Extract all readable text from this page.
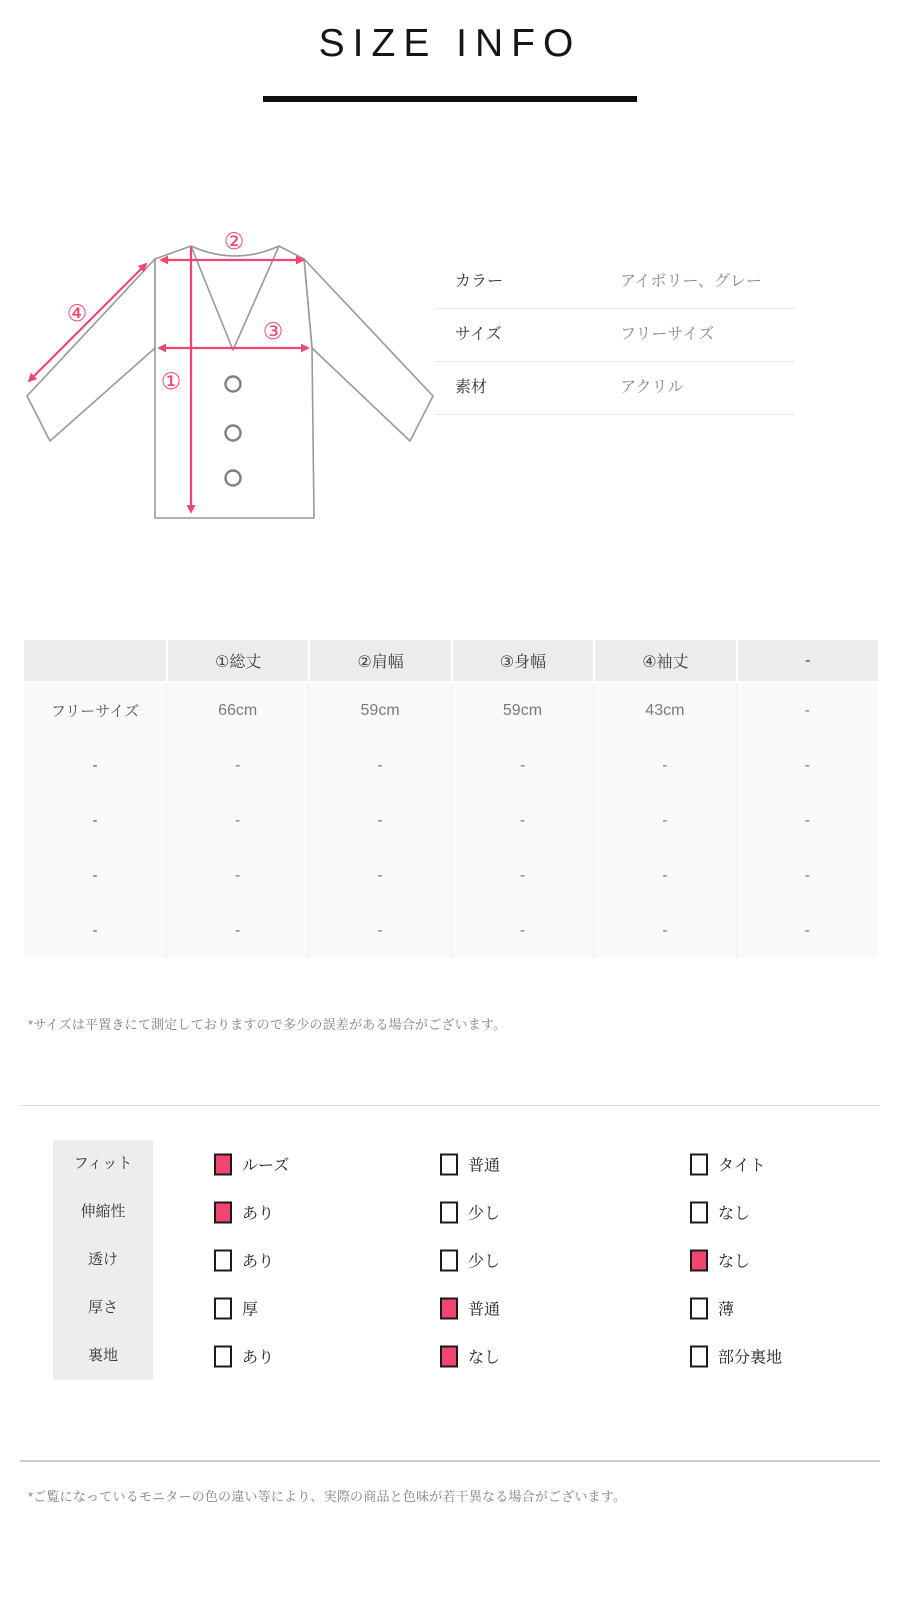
SIZE INFO
②
③
①
④
カラー	アイボリー、グレー
サイズ	フリーサイズ
素材	アクリル
	①総丈	②肩幅	③身幅	④袖丈	-
フリーサイズ	66cm	59cm	59cm	43cm	-
-	-	-	-	-	-
-	-	-	-	-	-
-	-	-	-	-	-
-	-	-	-	-	-
*サイズは平置きにて測定しておりますので多少の誤差がある場合がございます。
フィット	ルーズ	普通	タイト
伸縮性	あり	少し	なし
透け	あり	少し	なし
厚さ	厚	普通	薄
裏地	あり	なし	部分裏地
*ご覧になっているモニターの色の違い等により、実際の商品と色味が若干異なる場合がございます。
